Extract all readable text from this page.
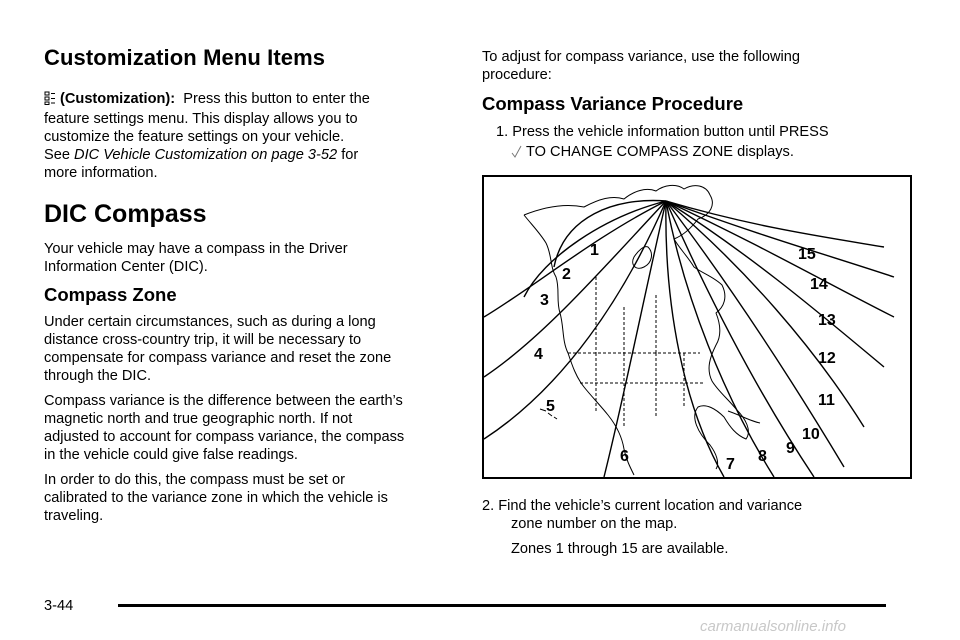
Customization Menu Items

(Customization): Press this button to enter the

feature settings menu. This display allows you to

customize the feature settings on your vehicle.

See DIC Vehicle Customization on page 3-52 for

more information.

DIC Compass

Your vehicle may have a compass in the Driver

Information Center (DIC).

Compass Zone

Under certain circumstances, such as during a long

distance cross-country trip, it will be necessary to

compensate for compass variance and reset the zone

through the DIC.

Compass variance is the difference between the earth’s

magnetic north and true geographic north. If not

adjusted to account for compass variance, the compass

in the vehicle could give false readings.

In order to do this, the compass must be set or

calibrated to the variance zone in which the vehicle is

traveling.

To adjust for compass variance, use the following

procedure:

Compass Variance Procedure

1. Press the vehicle information button until PRESS

TO CHANGE COMPASS ZONE displays.

1
2
3
4
5
6	7 8 9
10
11
12
13
14
15

2. Find the vehicle’s current location and variance

zone number on the map.

Zones 1 through 15 are available.

3-44
carmanualsonline.info
